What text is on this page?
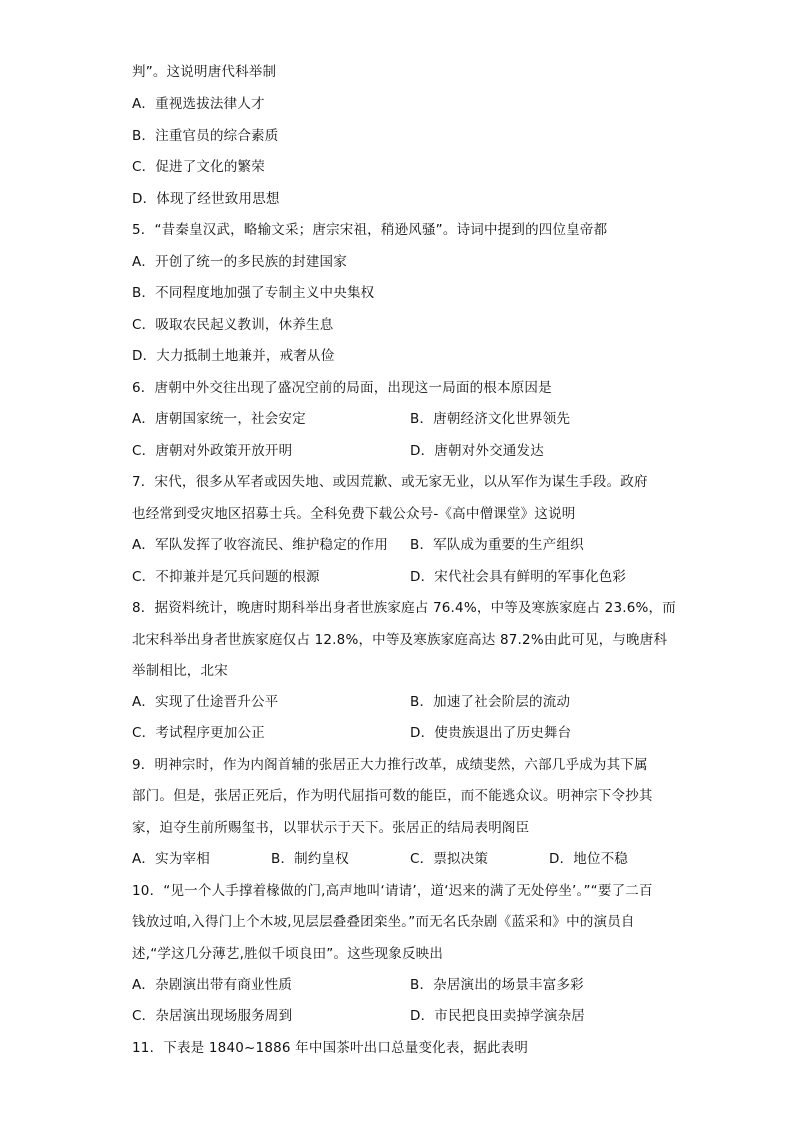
判”。这说明唐代科举制
A．重视选拔法律人才
B．注重官员的综合素质
C．促进了文化的繁荣
D．体现了经世致用思想
5．“昔秦皇汉武，略输文采；唐宗宋祖，稍逊风骚”。诗词中提到的四位皇帝都
A．开创了统一的多民族的封建国家
B．不同程度地加强了专制主义中央集权
C．吸取农民起义教训，休养生息
D．大力抵制土地兼并，戒奢从俭
6．唐朝中外交往出现了盛况空前的局面，出现这一局面的根本原因是
A．唐朝国家统一，社会安定	B．唐朝经济文化世界领先
C．唐朝对外政策开放开明	D．唐朝对外交通发达
7．宋代，很多从军者或因失地、或因荒歉、或无家无业，以从军作为谋生手段。政府
也经常到受灾地区招募士兵。全科免费下载公众号-《高中僧课堂》这说明
A．军队发挥了收容流民、维护稳定的作用 B．军队成为重要的生产组织
C．不抑兼并是冗兵问题的根源	D．宋代社会具有鲜明的军事化色彩
8．据资料统计，晚唐时期科举出身者世族家庭占 76.4%，中等及寒族家庭占 23.6%，而
北宋科举出身者世族家庭仅占 12.8%，中等及寒族家庭高达 87.2%由此可见，与晚唐科
举制相比，北宋
A．实现了仕途晋升公平	B．加速了社会阶层的流动
C．考试程序更加公正	D．使贵族退出了历史舞台
9．明神宗时，作为内阁首辅的张居正大力推行改革，成绩斐然，六部几乎成为其下属
部门。但是，张居正死后，作为明代屈指可数的能臣，而不能逃众议。明神宗下令抄其
家，迫夺生前所赐玺书，以罪状示于天下。张居正的结局表明阁臣
A．实为宰相	B．制约皇权	C．票拟决策	D．地位不稳
10．“见一个人手撑着椽做的门,高声地叫‘请请’，道‘迟来的满了无处停坐’。”“要了二百
钱放过咱,入得门上个木坡,见层层叠叠团栾坐。”而无名氏杂剧《蓝采和》中的演员自
述,“学这几分薄艺,胜似千顷良田”。这些现象反映出
A．杂剧演出带有商业性质	B．杂居演出的场景丰富多彩
C．杂居演出现场服务周到	D．市民把良田卖掉学演杂居
11．下表是 1840~1886 年中国茶叶出口总量变化表，据此表明
